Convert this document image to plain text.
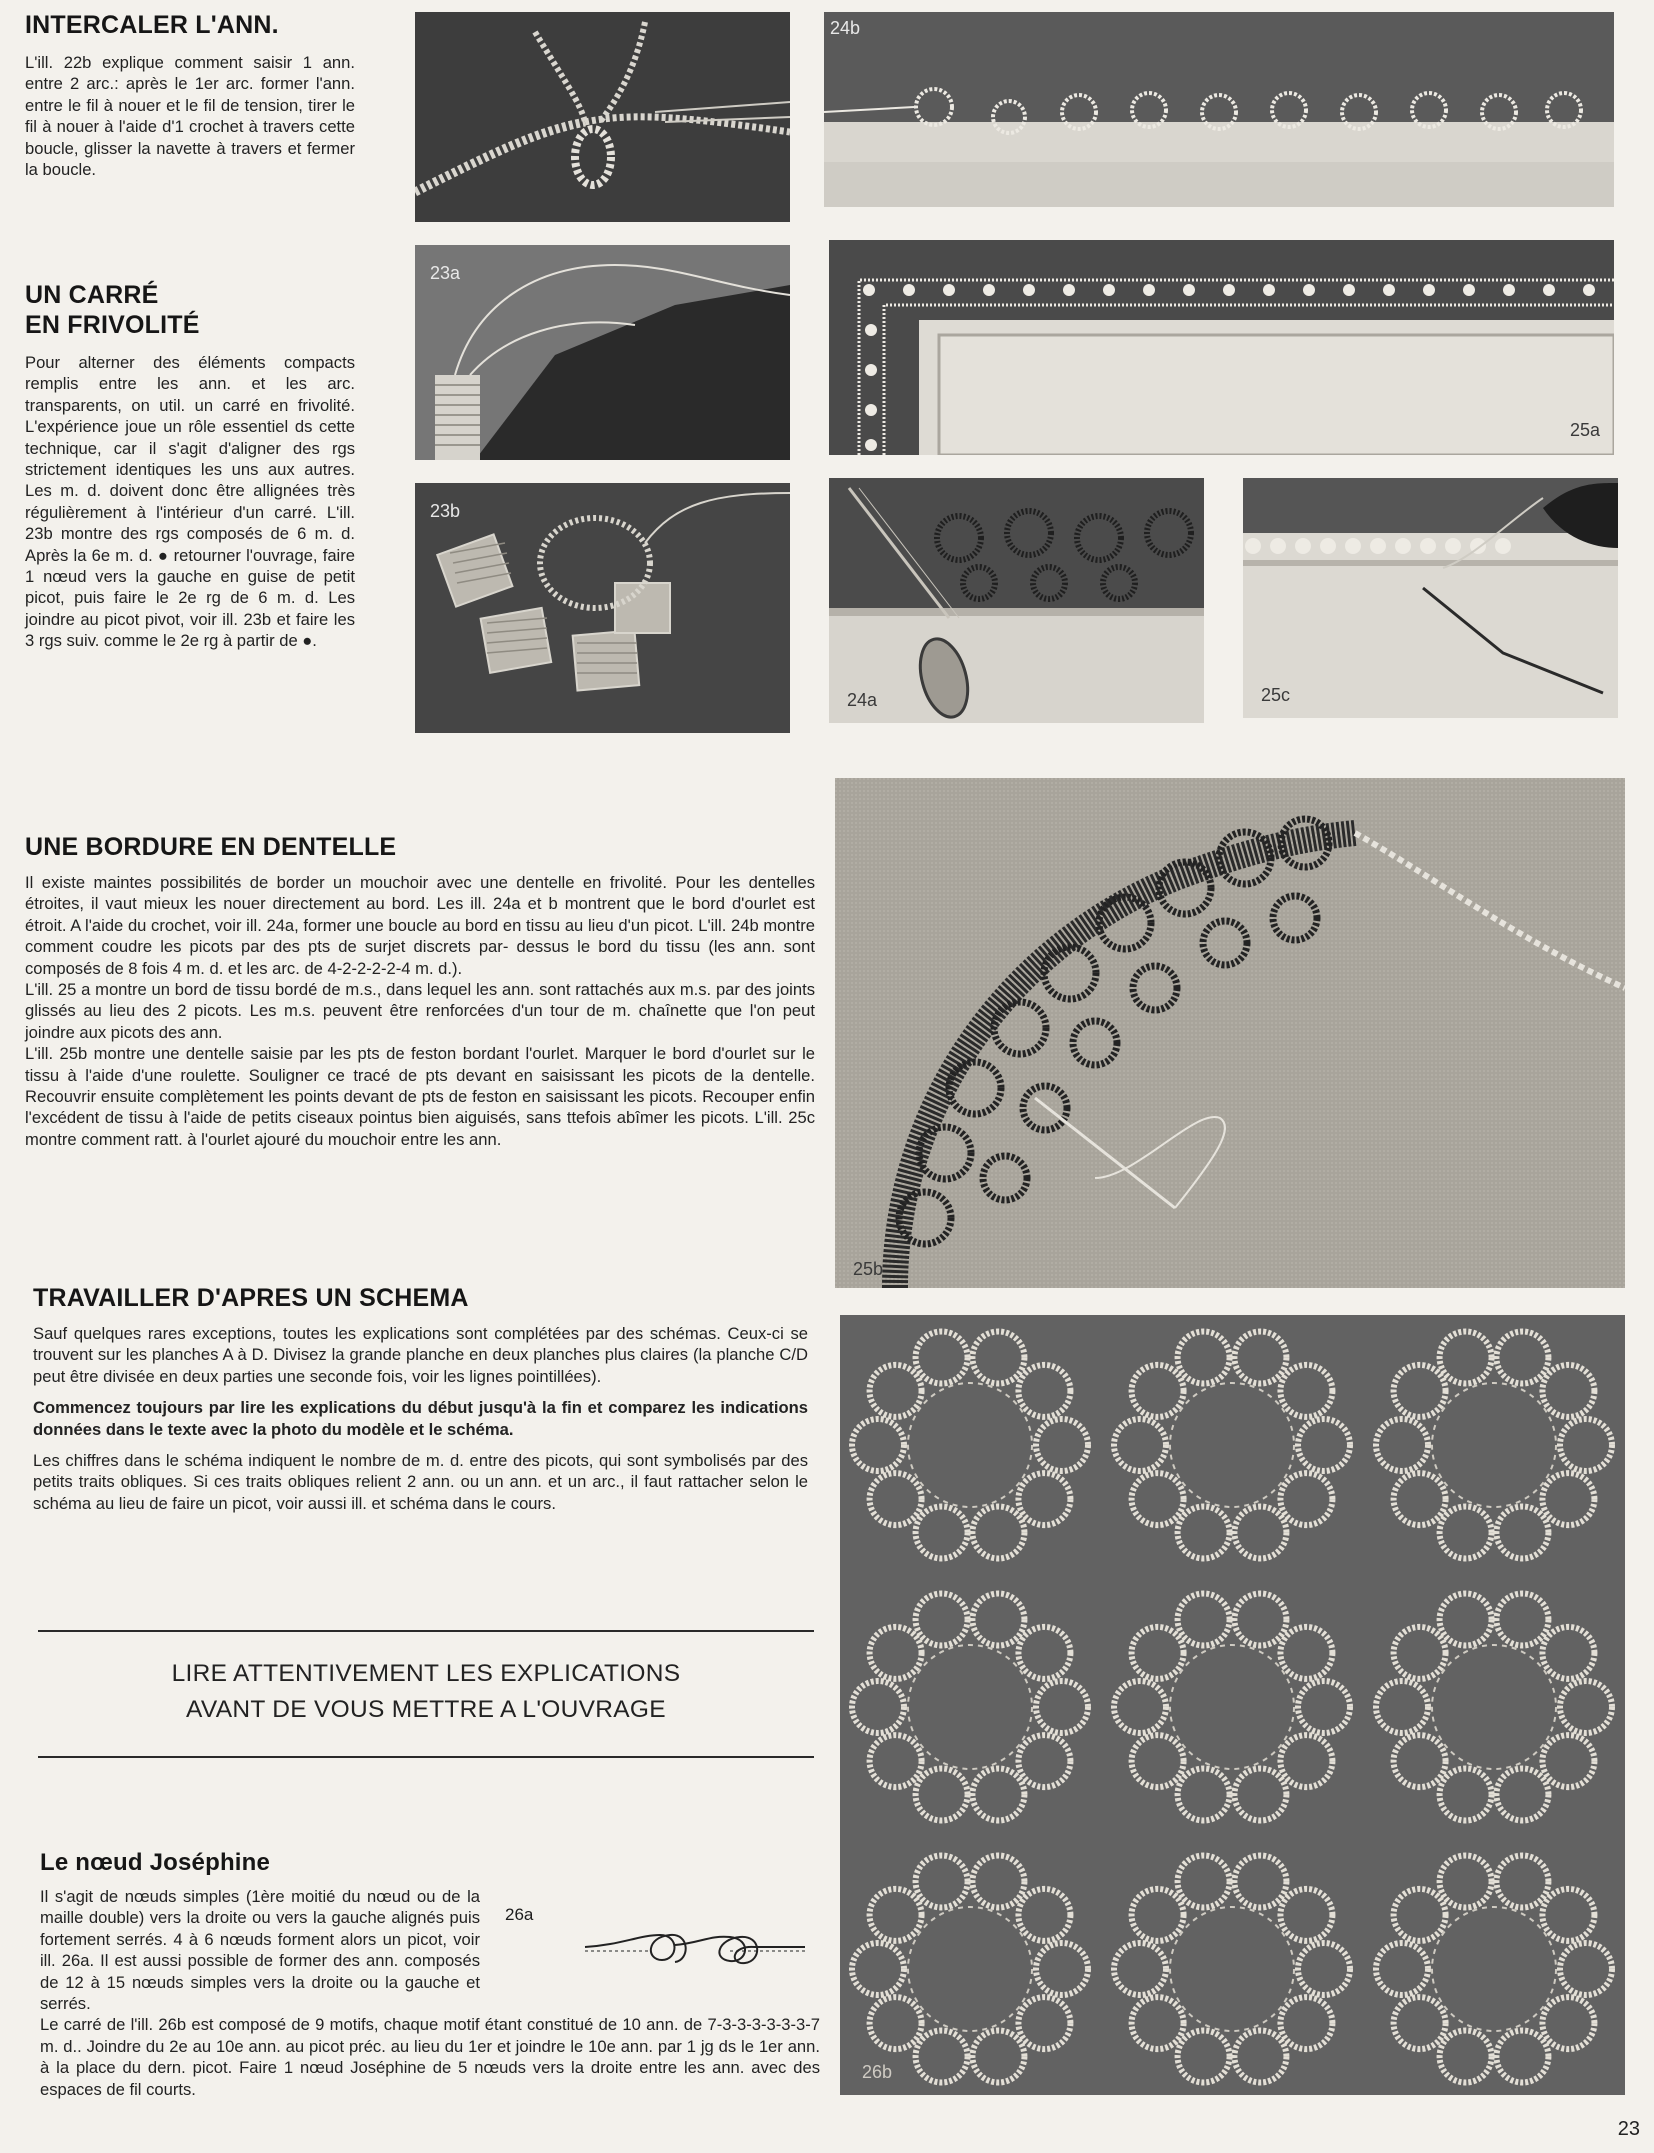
INTERCALER L'ANN.

L'ill. 22b explique comment saisir 1 ann. entre 2 arc.: après le 1er arc. former l'ann. entre le fil à nouer et le fil de tension, tirer le fil à nouer à l'aide d'1 crochet à travers cette boucle, glisser la navette à travers et fermer la boucle.

UN CARRÉ
EN FRIVOLITÉ

Pour alterner des éléments compacts remplis entre les ann. et les arc. transparents, on util. un carré en frivolité. L'expérience joue un rôle essentiel ds cette technique, car il s'agit d'aligner des rgs strictement identiques les uns aux autres. Les m. d. doivent donc être allignées très régulièrement à l'intérieur d'un carré. L'ill. 23b montre des rgs composés de 6 m. d. Après la 6e m. d. ● retourner l'ouvrage, faire 1 nœud vers la gauche en guise de petit picot, puis faire le 2e rg de 6 m. d. Les joindre au picot pivot, voir ill. 23b et faire les 3 rgs suiv. comme le 2e rg à partir de ●.

UNE BORDURE EN DENTELLE

Il existe maintes possibilités de border un mouchoir avec une dentelle en frivolité. Pour les dentelles étroites, il vaut mieux les nouer directement au bord. Les ill. 24a et b montrent que le bord d'ourlet est étroit. A l'aide du crochet, voir ill. 24a, former une boucle au bord en tissu au lieu d'un picot. L'ill. 24b montre comment coudre les picots par des pts de surjet discrets par- dessus le bord du tissu (les ann. sont composés de 8 fois 4 m. d. et les arc. de 4-2-2-2-2-4 m. d.).

L'ill. 25 a montre un bord de tissu bordé de m.s., dans lequel les ann. sont rattachés aux m.s. par des joints glissés au lieu des 2 picots. Les m.s. peuvent être renforcées d'un tour de m. chaînette que l'on peut joindre aux picots des ann.

L'ill. 25b montre une dentelle saisie par les pts de feston bordant l'ourlet. Marquer le bord d'ourlet sur le tissu à l'aide d'une roulette. Souligner ce tracé de pts devant en saisissant les picots de la dentelle. Recouvrir ensuite complètement les points devant de pts de feston en saisissant les picots. Recouper enfin l'excédent de tissu à l'aide de petits ciseaux pointus bien aiguisés, sans ttefois abîmer les picots. L'ill. 25c montre comment ratt. à l'ourlet ajouré du mouchoir entre les ann.

TRAVAILLER D'APRES UN SCHEMA

Sauf quelques rares exceptions, toutes les explications sont complétées par des schémas. Ceux-ci se trouvent sur les planches A à D. Divisez la grande planche en deux planches plus claires (la planche C/D peut être divisée en deux parties une seconde fois, voir les lignes pointillées).

Commencez toujours par lire les explications du début jusqu'à la fin et comparez les indications données dans le texte avec la photo du modèle et le schéma.

Les chiffres dans le schéma indiquent le nombre de m. d. entre des picots, qui sont symbolisés par des petits traits obliques. Si ces traits obliques relient 2 ann. ou un ann. et un arc., il faut rattacher selon le schéma au lieu de faire un picot, voir aussi ill. et schéma dans le cours.

LIRE ATTENTIVEMENT LES EXPLICATIONS
AVANT DE VOUS METTRE A L'OUVRAGE
Le nœud Joséphine

Il s'agit de nœuds simples (1ère moitié du nœud ou de la maille double) vers la droite ou vers la gauche alignés puis fortement serrés. 4 à 6 nœuds forment alors un picot, voir ill. 26a. Il est aussi possible de former des ann. composés de 12 à 15 nœuds simples vers la droite ou la gauche et serrés.

Le carré de l'ill. 26b est composé de 9 motifs, chaque motif étant constitué de 10 ann. de 7-3-3-3-3-3-3-7 m. d.. Joindre du 2e au 10e ann. au picot préc. au lieu du 1er et joindre le 10e ann. par 1 jg ds le 1er ann. à la place du dern. picot. Faire 1 nœud Joséphine de 5 nœuds vers la droite entre les ann. avec des espaces de fil courts.

26a
23a
23b
24b
25a
24a	25c
25b
26b
23
